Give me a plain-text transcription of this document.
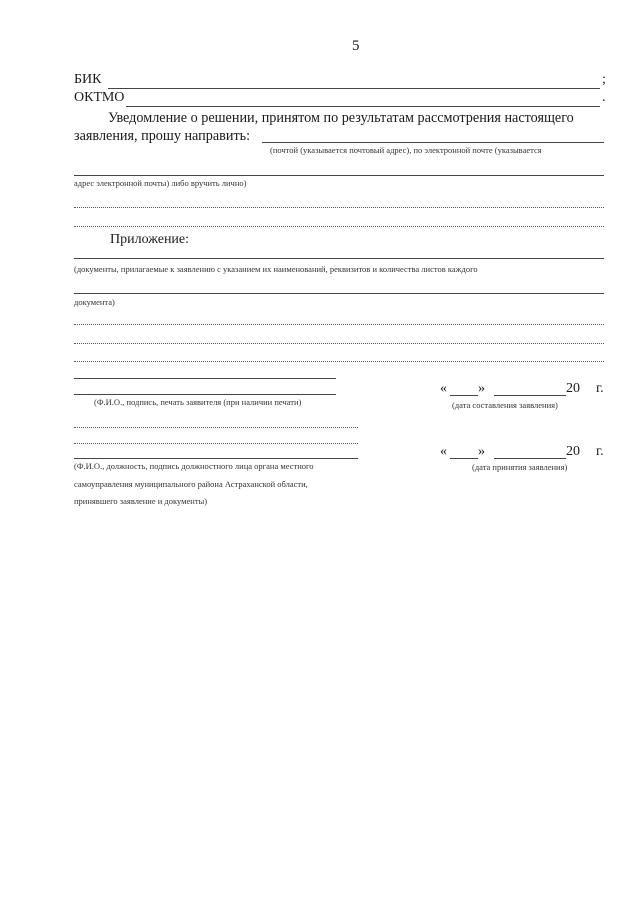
5
БИК	;
ОКТМО	.
Уведомление о решении, принятом по результатам рассмотрения настоящего
заявления, прошу направить:
(почтой (указывается почтовый адрес), по электронной почте (указывается
адрес электронной почты) либо вручить лично)
Приложение:
(документы, прилагаемые к заявлению с указанием их наименований, реквизитов и количества листов каждого
документа)
(Ф.И.О., подпись, печать заявителя (при наличии печати)
« »	20 г.
(дата составления заявления)
(Ф.И.О., должность, подпись должностного лица органа местного
самоуправления муниципального района Астраханской области,
принявшего заявление и документы)
« »	20 г.
(дата принятия заявления)
